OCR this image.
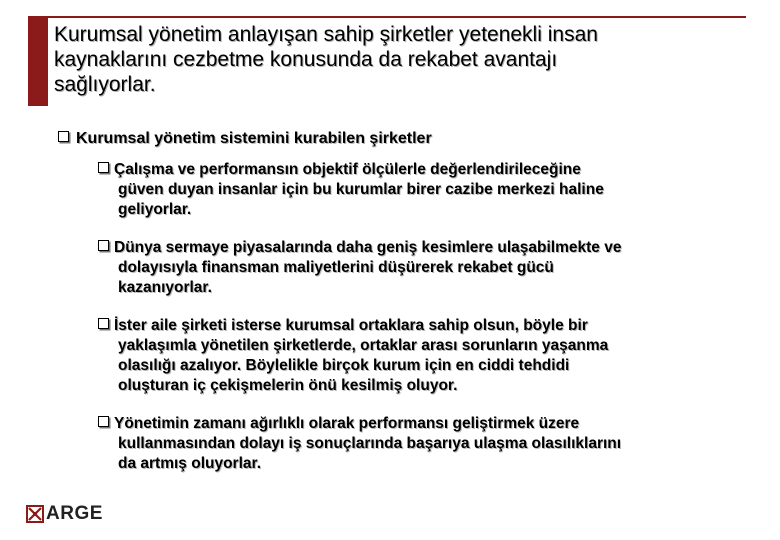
Kurumsal yönetim anlayışan sahip şirketler yetenekli insan
kaynaklarını cezbetme konusunda da rekabet avantajı
sağlıyorlar.
Kurumsal yönetim sistemini kurabilen şirketler
Çalışma ve performansın objektif ölçülerle değerlendirileceğine
güven duyan insanlar için bu kurumlar birer cazibe merkezi haline
geliyorlar.
Dünya sermaye piyasalarında daha geniş kesimlere ulaşabilmekte ve
dolayısıyla finansman maliyetlerini düşürerek rekabet gücü
kazanıyorlar.
İster aile şirketi isterse kurumsal ortaklara sahip olsun, böyle bir
yaklaşımla yönetilen şirketlerde, ortaklar arası sorunların yaşanma
olasılığı azalıyor. Böylelikle birçok kurum için en ciddi tehdidi
oluşturan iç çekişmelerin önü kesilmiş oluyor.
Yönetimin zamanı ağırlıklı olarak performansı geliştirmek üzere
kullanmasından dolayı iş sonuçlarında başarıya ulaşma olasılıklarını
da artmış oluyorlar.
ARGE
